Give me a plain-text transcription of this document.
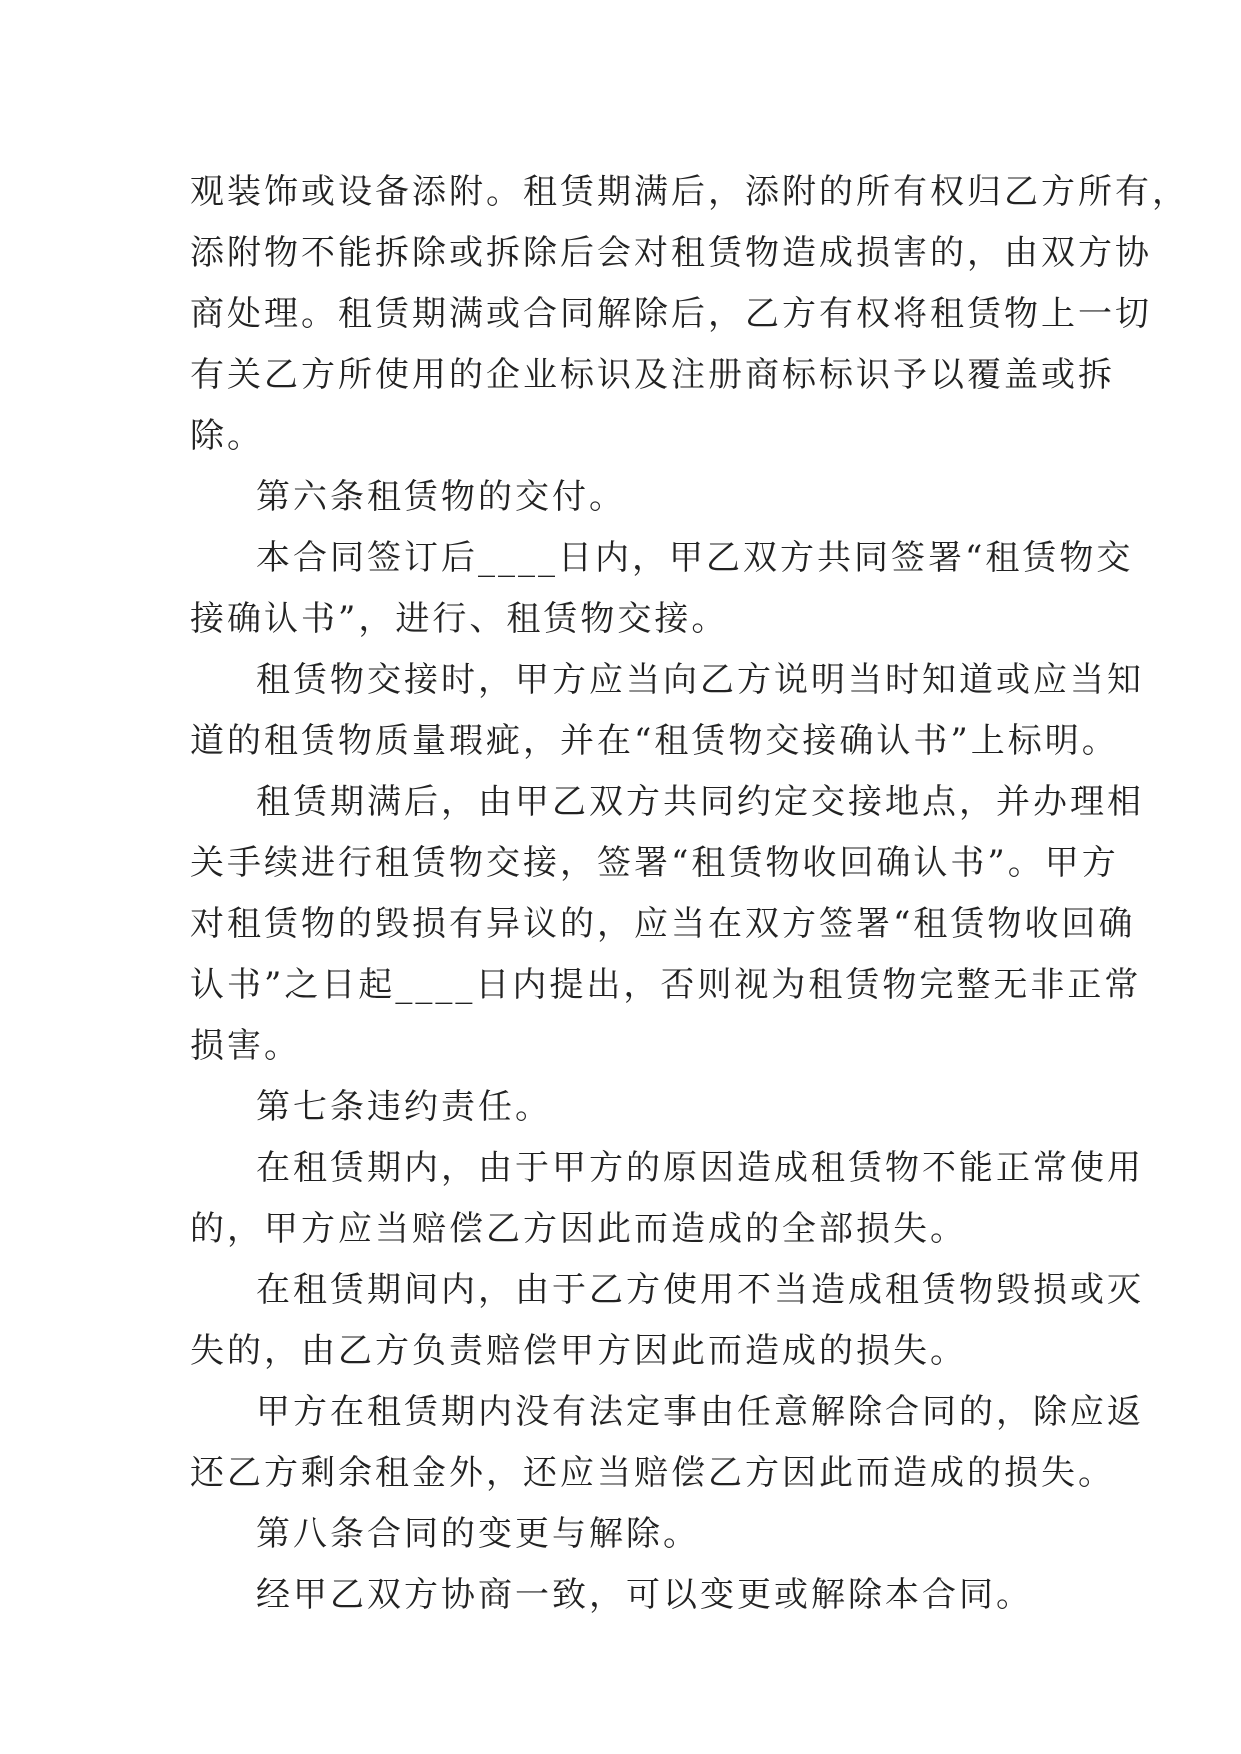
观装饰或设备添附。租赁期满后，添附的所有权归乙方所有，
添附物不能拆除或拆除后会对租赁物造成损害的，由双方协
商处理。租赁期满或合同解除后，乙方有权将租赁物上一切
有关乙方所使用的企业标识及注册商标标识予以覆盖或拆
除。
第六条租赁物的交付。
本合同签订后____日内，甲乙双方共同签署“租赁物交
接确认书”，进行、租赁物交接。
租赁物交接时，甲方应当向乙方说明当时知道或应当知
道的租赁物质量瑕疵，并在“租赁物交接确认书”上标明。
租赁期满后，由甲乙双方共同约定交接地点，并办理相
关手续进行租赁物交接，签署“租赁物收回确认书”。甲方
对租赁物的毁损有异议的，应当在双方签署“租赁物收回确
认书”之日起____日内提出，否则视为租赁物完整无非正常
损害。
第七条违约责任。
在租赁期内，由于甲方的原因造成租赁物不能正常使用
的，甲方应当赔偿乙方因此而造成的全部损失。
在租赁期间内，由于乙方使用不当造成租赁物毁损或灭
失的，由乙方负责赔偿甲方因此而造成的损失。
甲方在租赁期内没有法定事由任意解除合同的，除应返
还乙方剩余租金外，还应当赔偿乙方因此而造成的损失。
第八条合同的变更与解除。
经甲乙双方协商一致，可以变更或解除本合同。
